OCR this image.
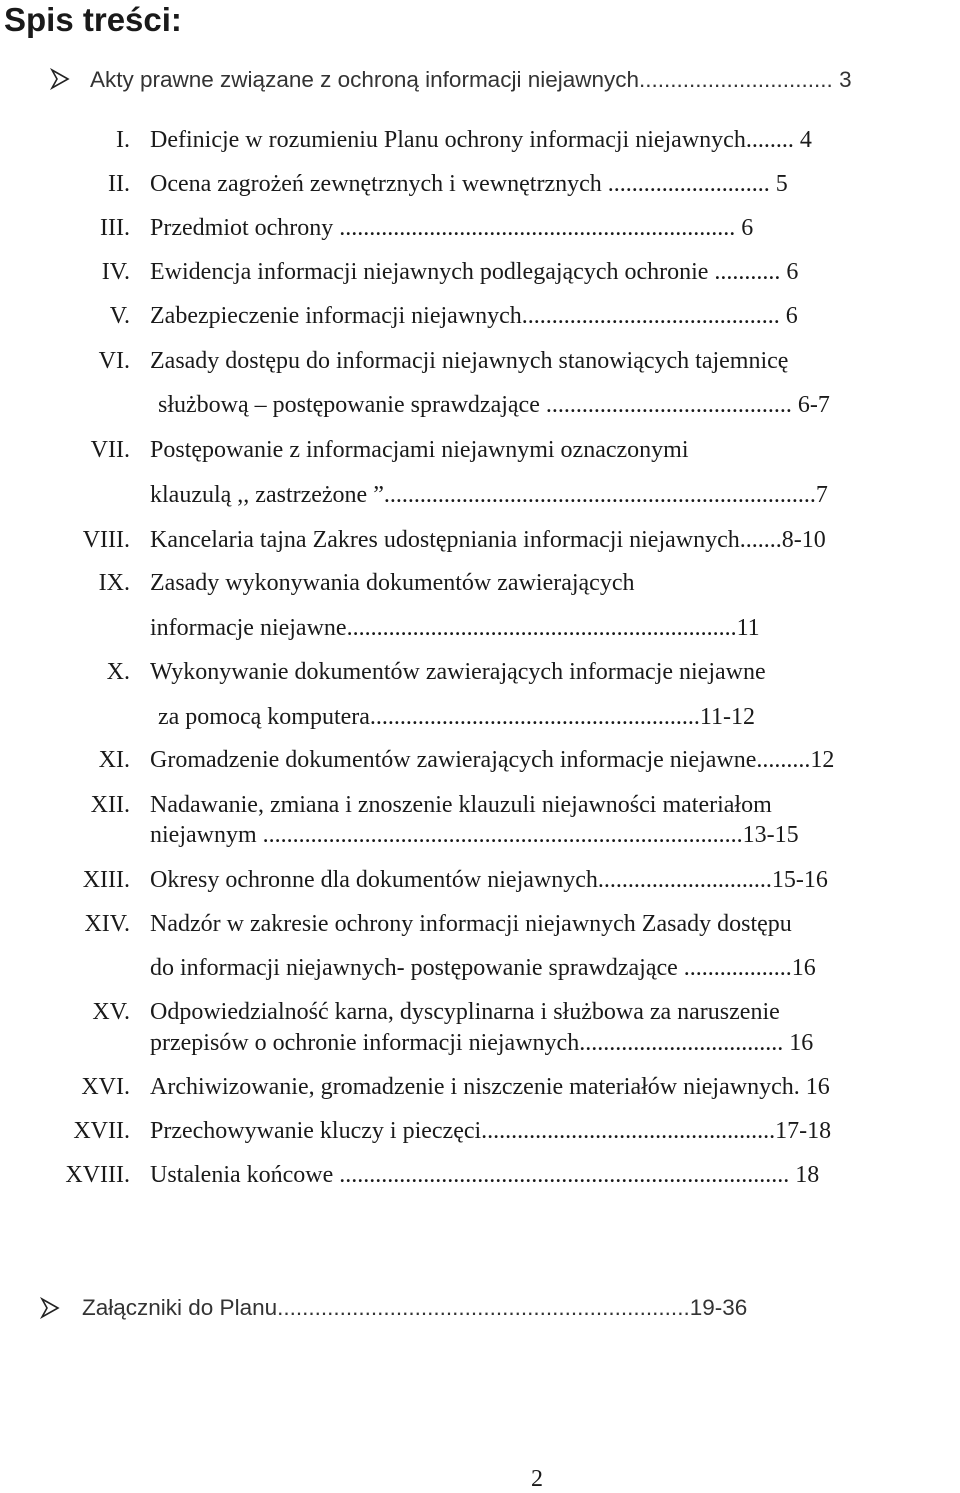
Spis treści:
Akty prawne związane z ochroną informacji niejawnych............................... 3
I. Definicje w rozumieniu Planu ochrony informacji niejawnych........ 4
II. Ocena zagrożeń zewnętrznych i wewnętrznych ........................... 5
III. Przedmiot ochrony .................................................................. 6
IV. Ewidencja informacji niejawnych podlegających ochronie ........... 6
V. Zabezpieczenie informacji niejawnych........................................... 6
VI. Zasady dostępu do informacji niejawnych stanowiących tajemnicę
służbową – postępowanie sprawdzające ......................................... 6-7
VII. Postępowanie z informacjami niejawnymi oznaczonymi
klauzulą ,, zastrzeżone ”........................................................................7
VIII. Kancelaria tajna Zakres udostępniania informacji niejawnych.......8-10
IX. Zasady wykonywania dokumentów zawierających
informacje niejawne.................................................................11
X. Wykonywanie dokumentów zawierających informacje niejawne
za pomocą komputera.......................................................11-12
XI. Gromadzenie dokumentów zawierających informacje niejawne.........12
XII. Nadawanie, zmiana i znoszenie klauzuli niejawności materiałom
niejawnym ................................................................................13-15
XIII. Okresy ochronne dla dokumentów niejawnych.............................15-16
XIV. Nadzór w zakresie ochrony informacji niejawnych Zasady dostępu
do informacji niejawnych- postępowanie sprawdzające ..................16
XV. Odpowiedzialność karna, dyscyplinarna i służbowa za naruszenie
przepisów o ochronie informacji niejawnych.................................. 16
XVI. Archiwizowanie, gromadzenie i niszczenie materiałów niejawnych. 16
XVII. Przechowywanie kluczy i pieczęci.................................................17-18
XVIII. Ustalenia końcowe ........................................................................... 18
Załączniki do Planu..................................................................19-36
2
